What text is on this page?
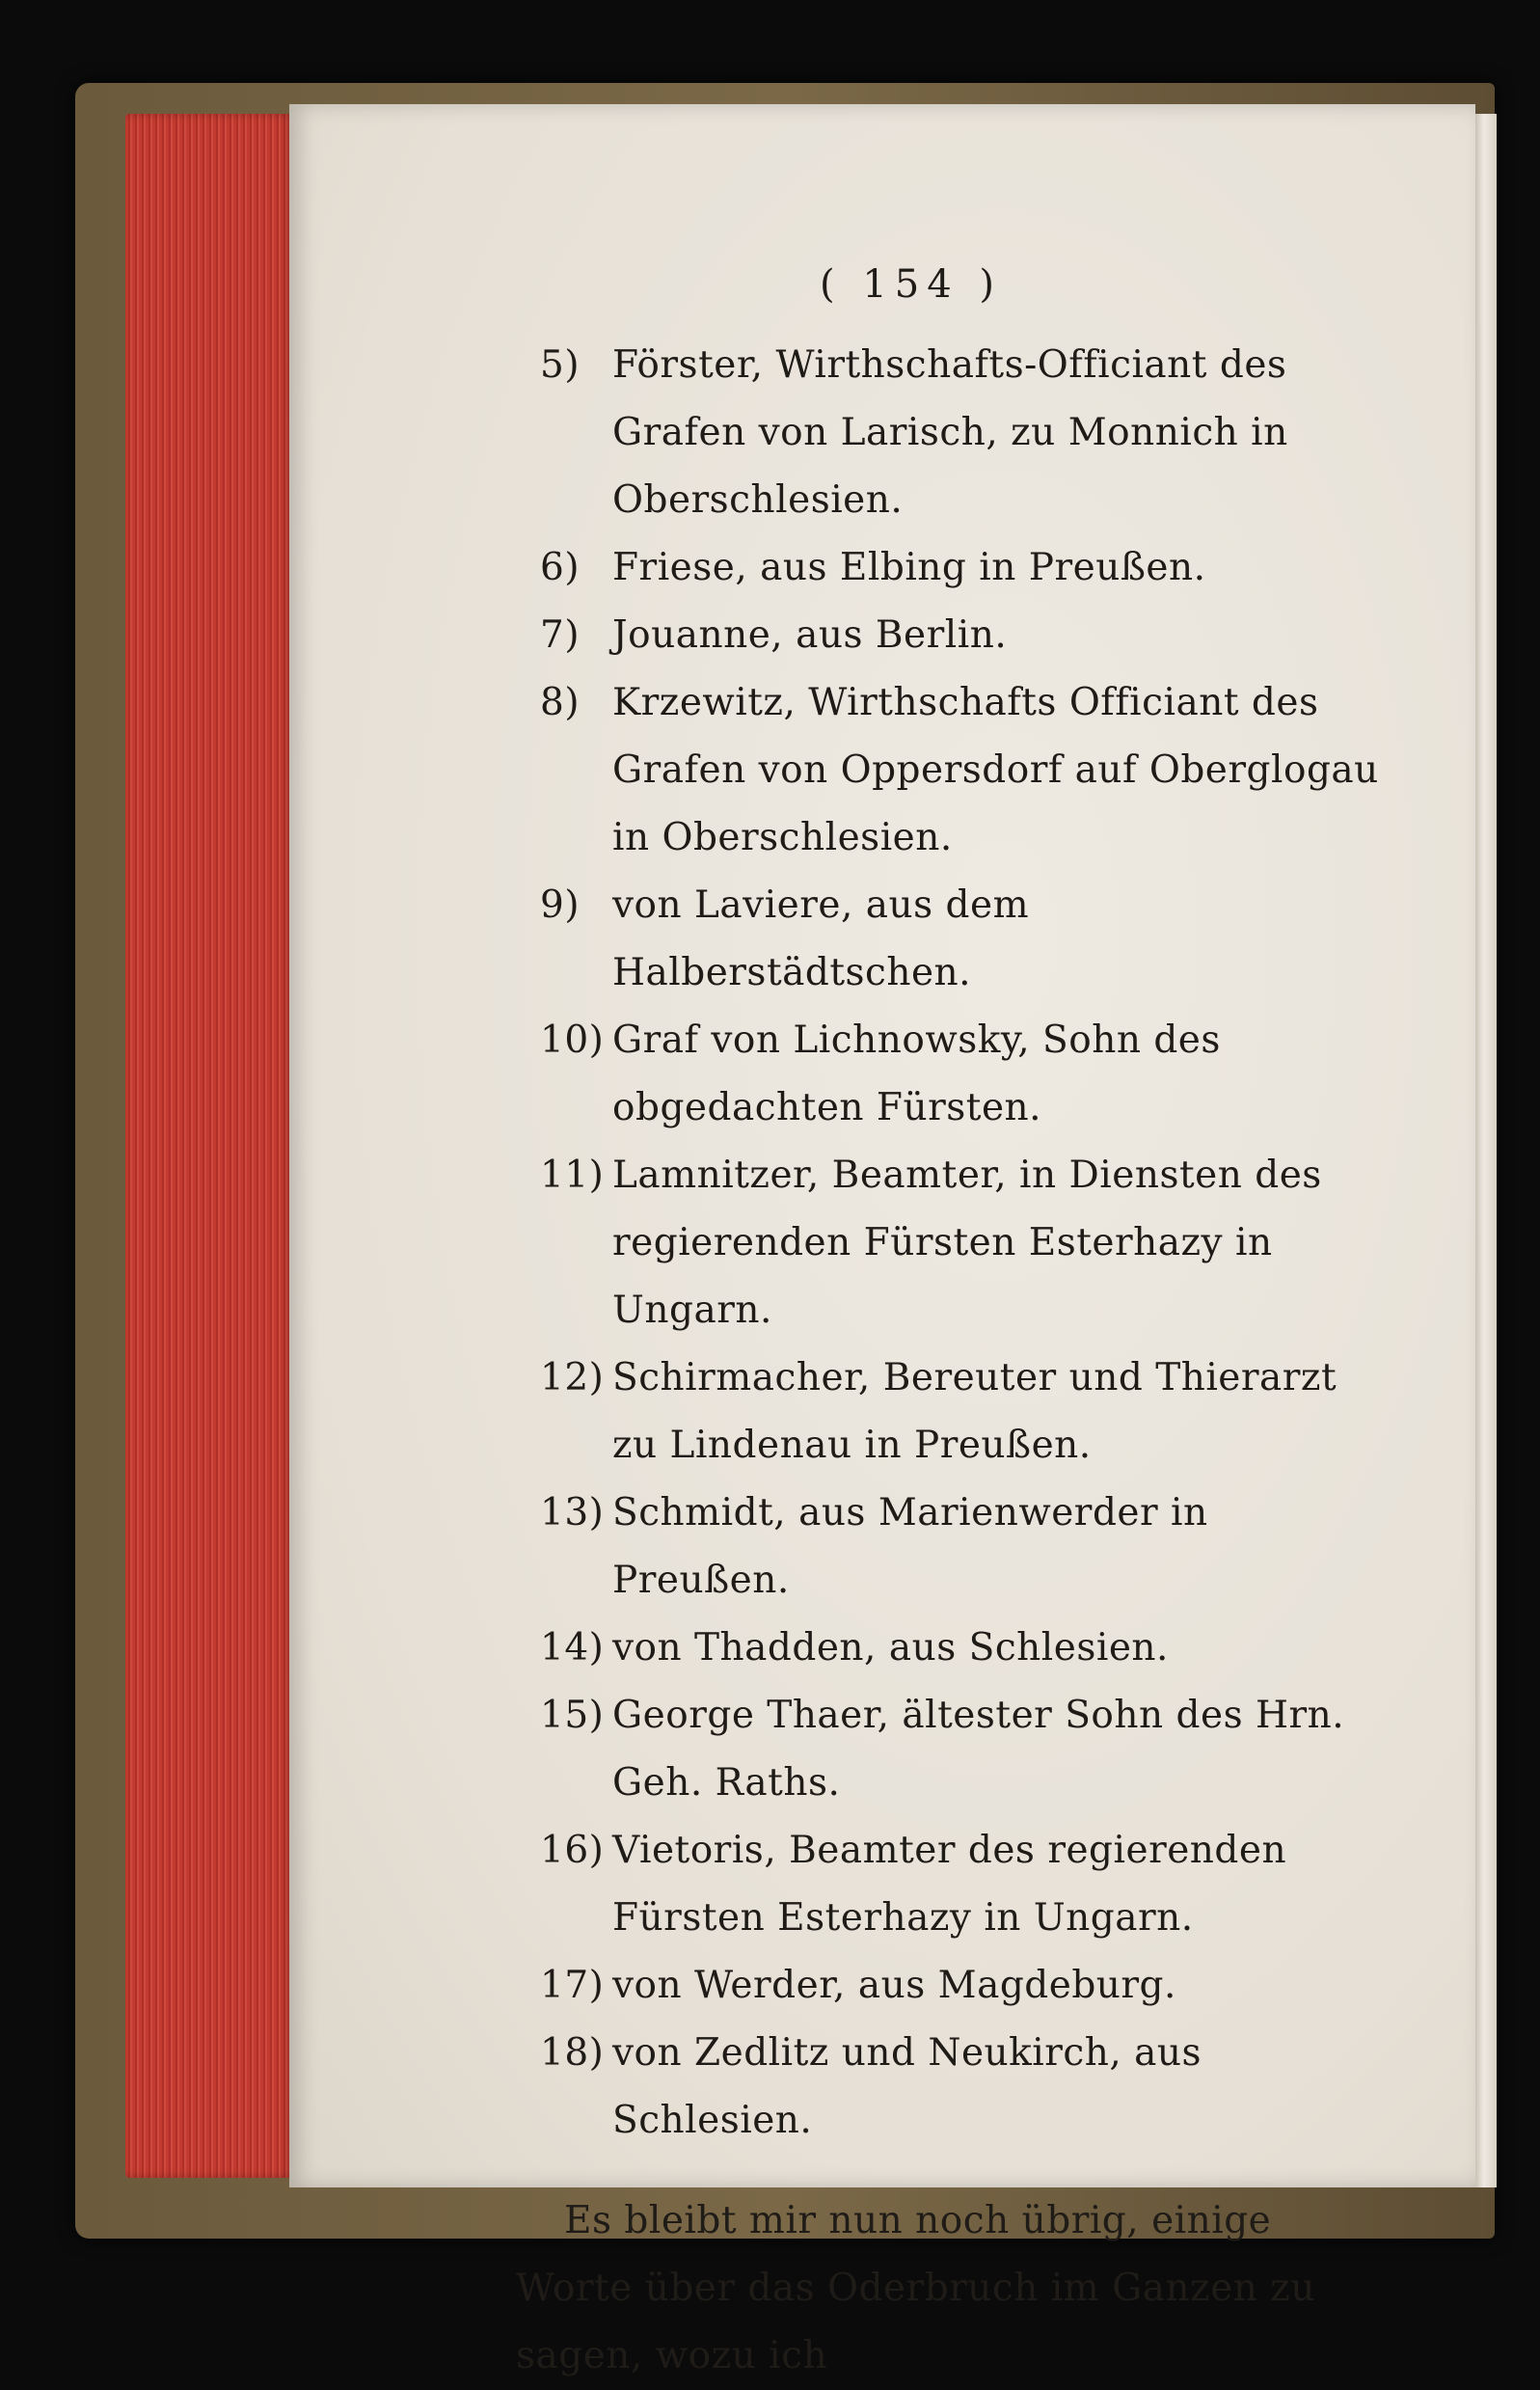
( 154 )
5) Förster, Wirthschafts-Officiant des Grafen von Larisch, zu Monnich in Oberschlesien.
6) Friese, aus Elbing in Preußen.
7) Jouanne, aus Berlin.
8) Krzewitz, Wirthschafts Officiant des Grafen von Oppersdorf auf Oberglogau in Oberschlesien.
9) von Laviere, aus dem Halberstädtschen.
10) Graf von Lichnowsky, Sohn des obgedachten Fürsten.
11) Lamnitzer, Beamter, in Diensten des regierenden Fürsten Esterhazy in Ungarn.
12) Schirmacher, Bereuter und Thierarzt zu Lindenau in Preußen.
13) Schmidt, aus Marienwerder in Preußen.
14) von Thadden, aus Schlesien.
15) George Thaer, ältester Sohn des Hrn. Geh. Raths.
16) Vietoris, Beamter des regierenden Fürsten Esterhazy in Ungarn.
17) von Werder, aus Magdeburg.
18) von Zedlitz und Neukirch, aus Schlesien.
Es bleibt mir nun noch übrig, einige Worte über das Oderbruch im Ganzen zu sagen, wozu ich
